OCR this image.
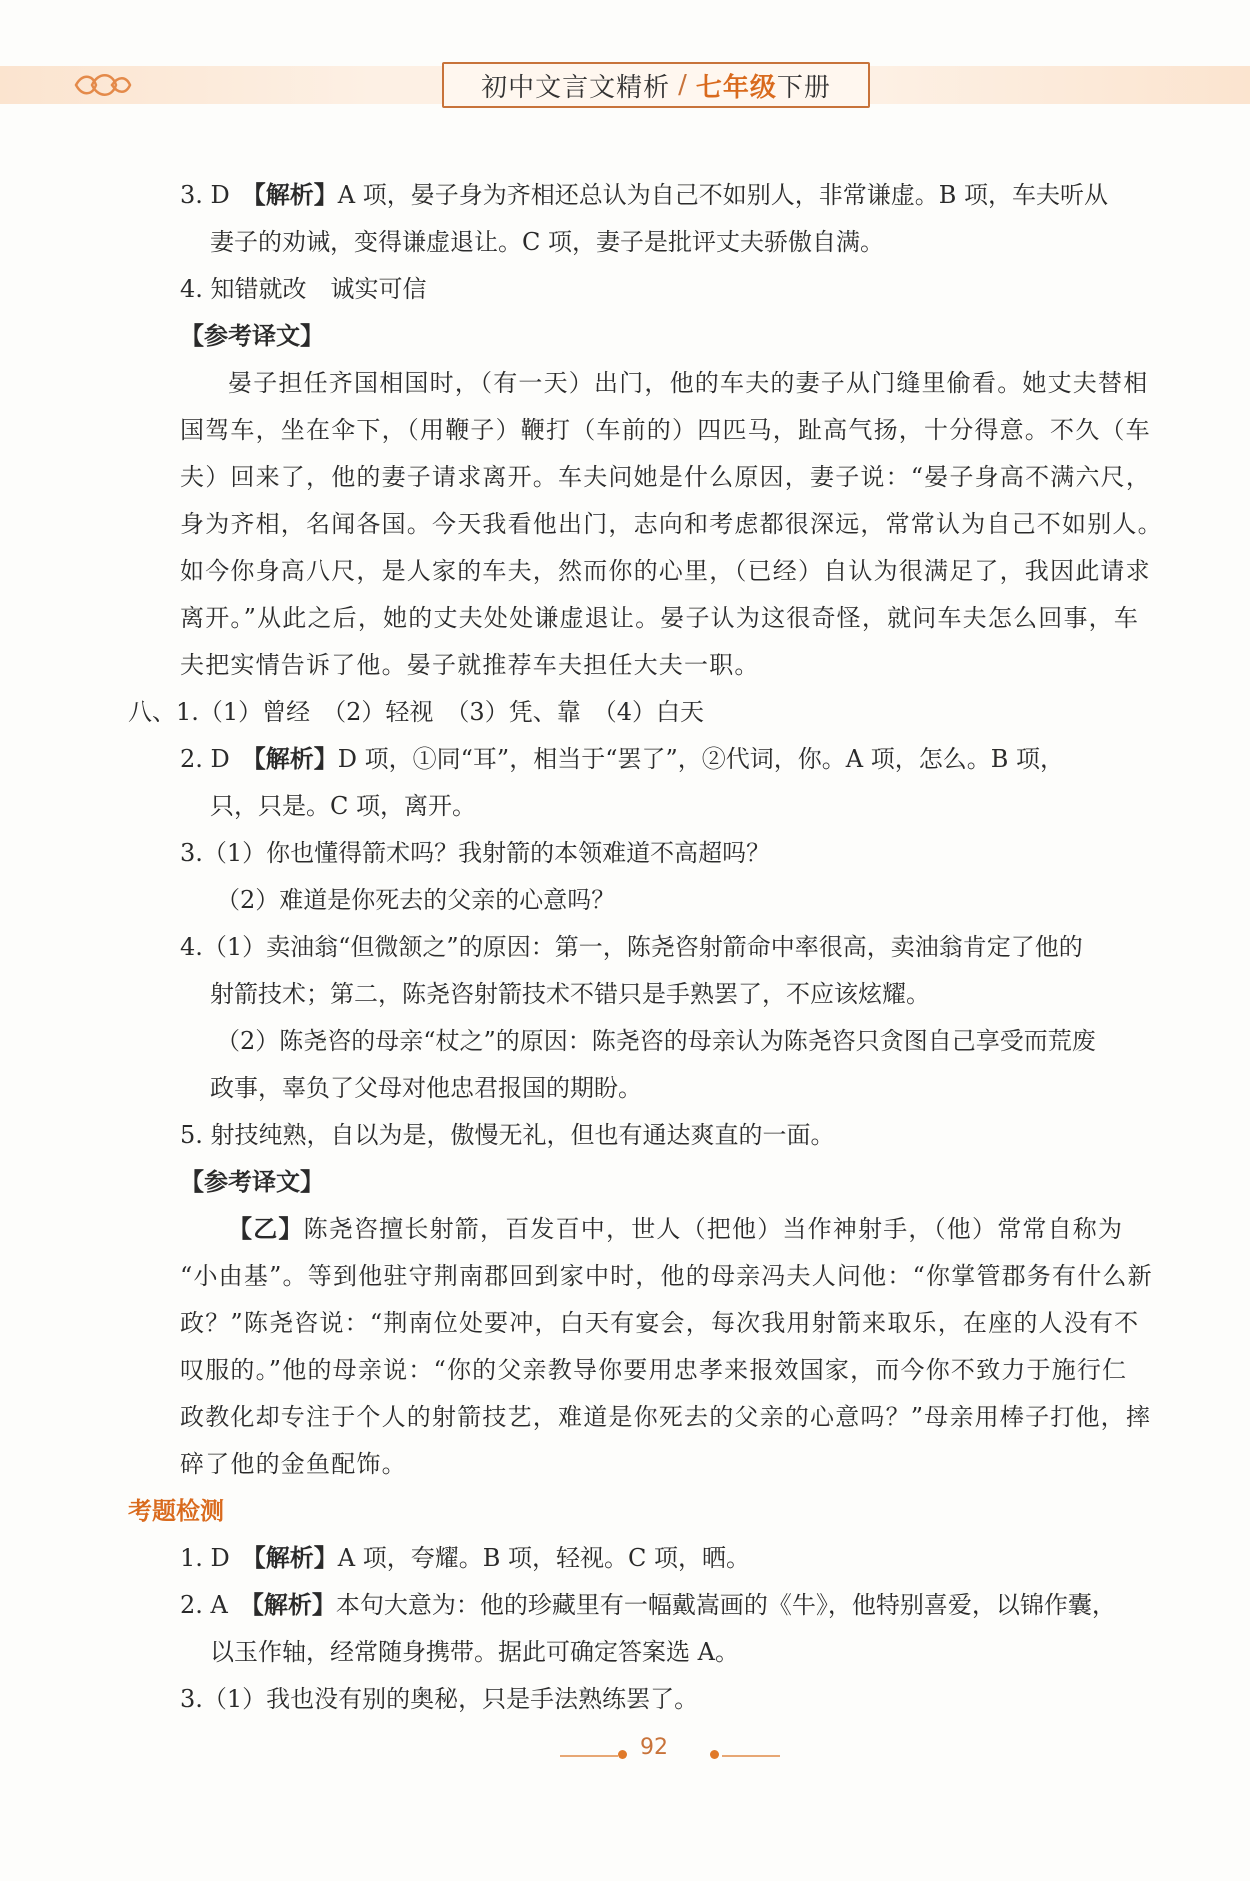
初中文言文精析 / 七年级 下册
3. D　【解析】A 项，晏子身为齐相还总认为自己不如别人，非常谦虚。B 项，车夫听从
妻子的劝诫，变得谦虚退让。C 项，妻子是批评丈夫骄傲自满。
4. 知错就改　诚实可信
【参考译文】
晏子担任齐国相国时，（有一天）出门，他的车夫的妻子从门缝里偷看。她丈夫替相
国驾车，坐在伞下，（用鞭子）鞭打（车前的）四匹马，趾高气扬，十分得意。不久（车
夫）回来了，他的妻子请求离开。车夫问她是什么原因，妻子说：“晏子身高不满六尺，
身为齐相，名闻各国。今天我看他出门，志向和考虑都很深远，常常认为自己不如别人。
如今你身高八尺，是人家的车夫，然而你的心里，（已经）自认为很满足了，我因此请求
离开。”从此之后，她的丈夫处处谦虚退让。晏子认为这很奇怪，就问车夫怎么回事，车
夫把实情告诉了他。晏子就推荐车夫担任大夫一职。
八、1.（1）曾经　（2）轻视　（3）凭、靠　（4）白天
2. D　【解析】D 项，①同“耳”，相当于“罢了”，②代词，你。A 项，怎么。B 项，
只，只是。C 项，离开。
3.（1）你也懂得箭术吗？我射箭的本领难道不高超吗？
（2）难道是你死去的父亲的心意吗？
4.（1）卖油翁“但微颔之”的原因：第一，陈尧咨射箭命中率很高，卖油翁肯定了他的
射箭技术；第二，陈尧咨射箭技术不错只是手熟罢了，不应该炫耀。
（2）陈尧咨的母亲“杖之”的原因：陈尧咨的母亲认为陈尧咨只贪图自己享受而荒废
政事，辜负了父母对他忠君报国的期盼。
5. 射技纯熟，自以为是，傲慢无礼，但也有通达爽直的一面。
【参考译文】
【乙】陈尧咨擅长射箭，百发百中，世人（把他）当作神射手，（他）常常自称为
“小由基”。等到他驻守荆南郡回到家中时，他的母亲冯夫人问他：“你掌管郡务有什么新
政？”陈尧咨说：“荆南位处要冲，白天有宴会，每次我用射箭来取乐，在座的人没有不
叹服的。”他的母亲说：“你的父亲教导你要用忠孝来报效国家，而今你不致力于施行仁
政教化却专注于个人的射箭技艺，难道是你死去的父亲的心意吗？”母亲用棒子打他，摔
碎了他的金鱼配饰。
考题检测
1. D　【解析】A 项，夸耀。B 项，轻视。C 项，晒。
2. A　【解析】本句大意为：他的珍藏里有一幅戴嵩画的《牛》，他特别喜爱，以锦作囊，
以玉作轴，经常随身携带。据此可确定答案选 A。
3.（1）我也没有别的奥秘，只是手法熟练罢了。
92
